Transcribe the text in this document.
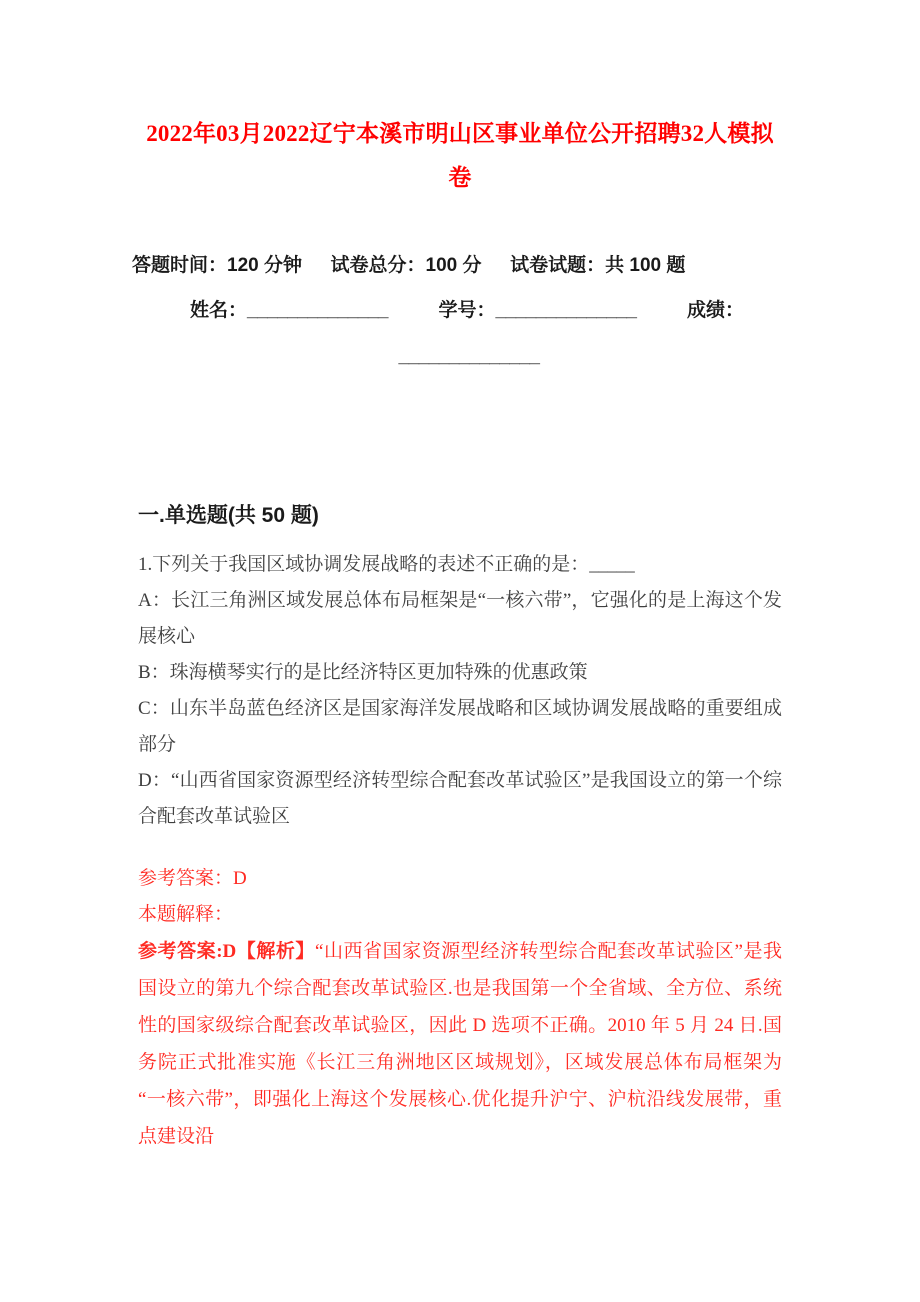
2022年03月2022辽宁本溪市明山区事业单位公开招聘32人模拟卷
答题时间：120 分钟 试卷总分：100 分 试卷试题：共 100 题
姓名：______________	学号：______________	成绩：
______________
一.单选题(共 50 题)
1.下列关于我国区域协调发展战略的表述不正确的是：_____
A：长江三角洲区域发展总体布局框架是“一核六带”，它强化的是上海这个发展核心
B：珠海横琴实行的是比经济特区更加特殊的优惠政策
C：山东半岛蓝色经济区是国家海洋发展战略和区域协调发展战略的重要组成部分
D：“山西省国家资源型经济转型综合配套改革试验区”是我国设立的第一个综合配套改革试验区
参考答案：D
本题解释：
参考答案:D【解析】“山西省国家资源型经济转型综合配套改革试验区”是我国设立的第九个综合配套改革试验区.也是我国第一个全省域、全方位、系统性的国家级综合配套改革试验区，因此 D 选项不正确。2010 年 5 月 24 日.国务院正式批准实施《长江三角洲地区区域规划》，区域发展总体布局框架为“一核六带”，即强化上海这个发展核心.优化提升沪宁、沪杭沿线发展带，重点建设沿
